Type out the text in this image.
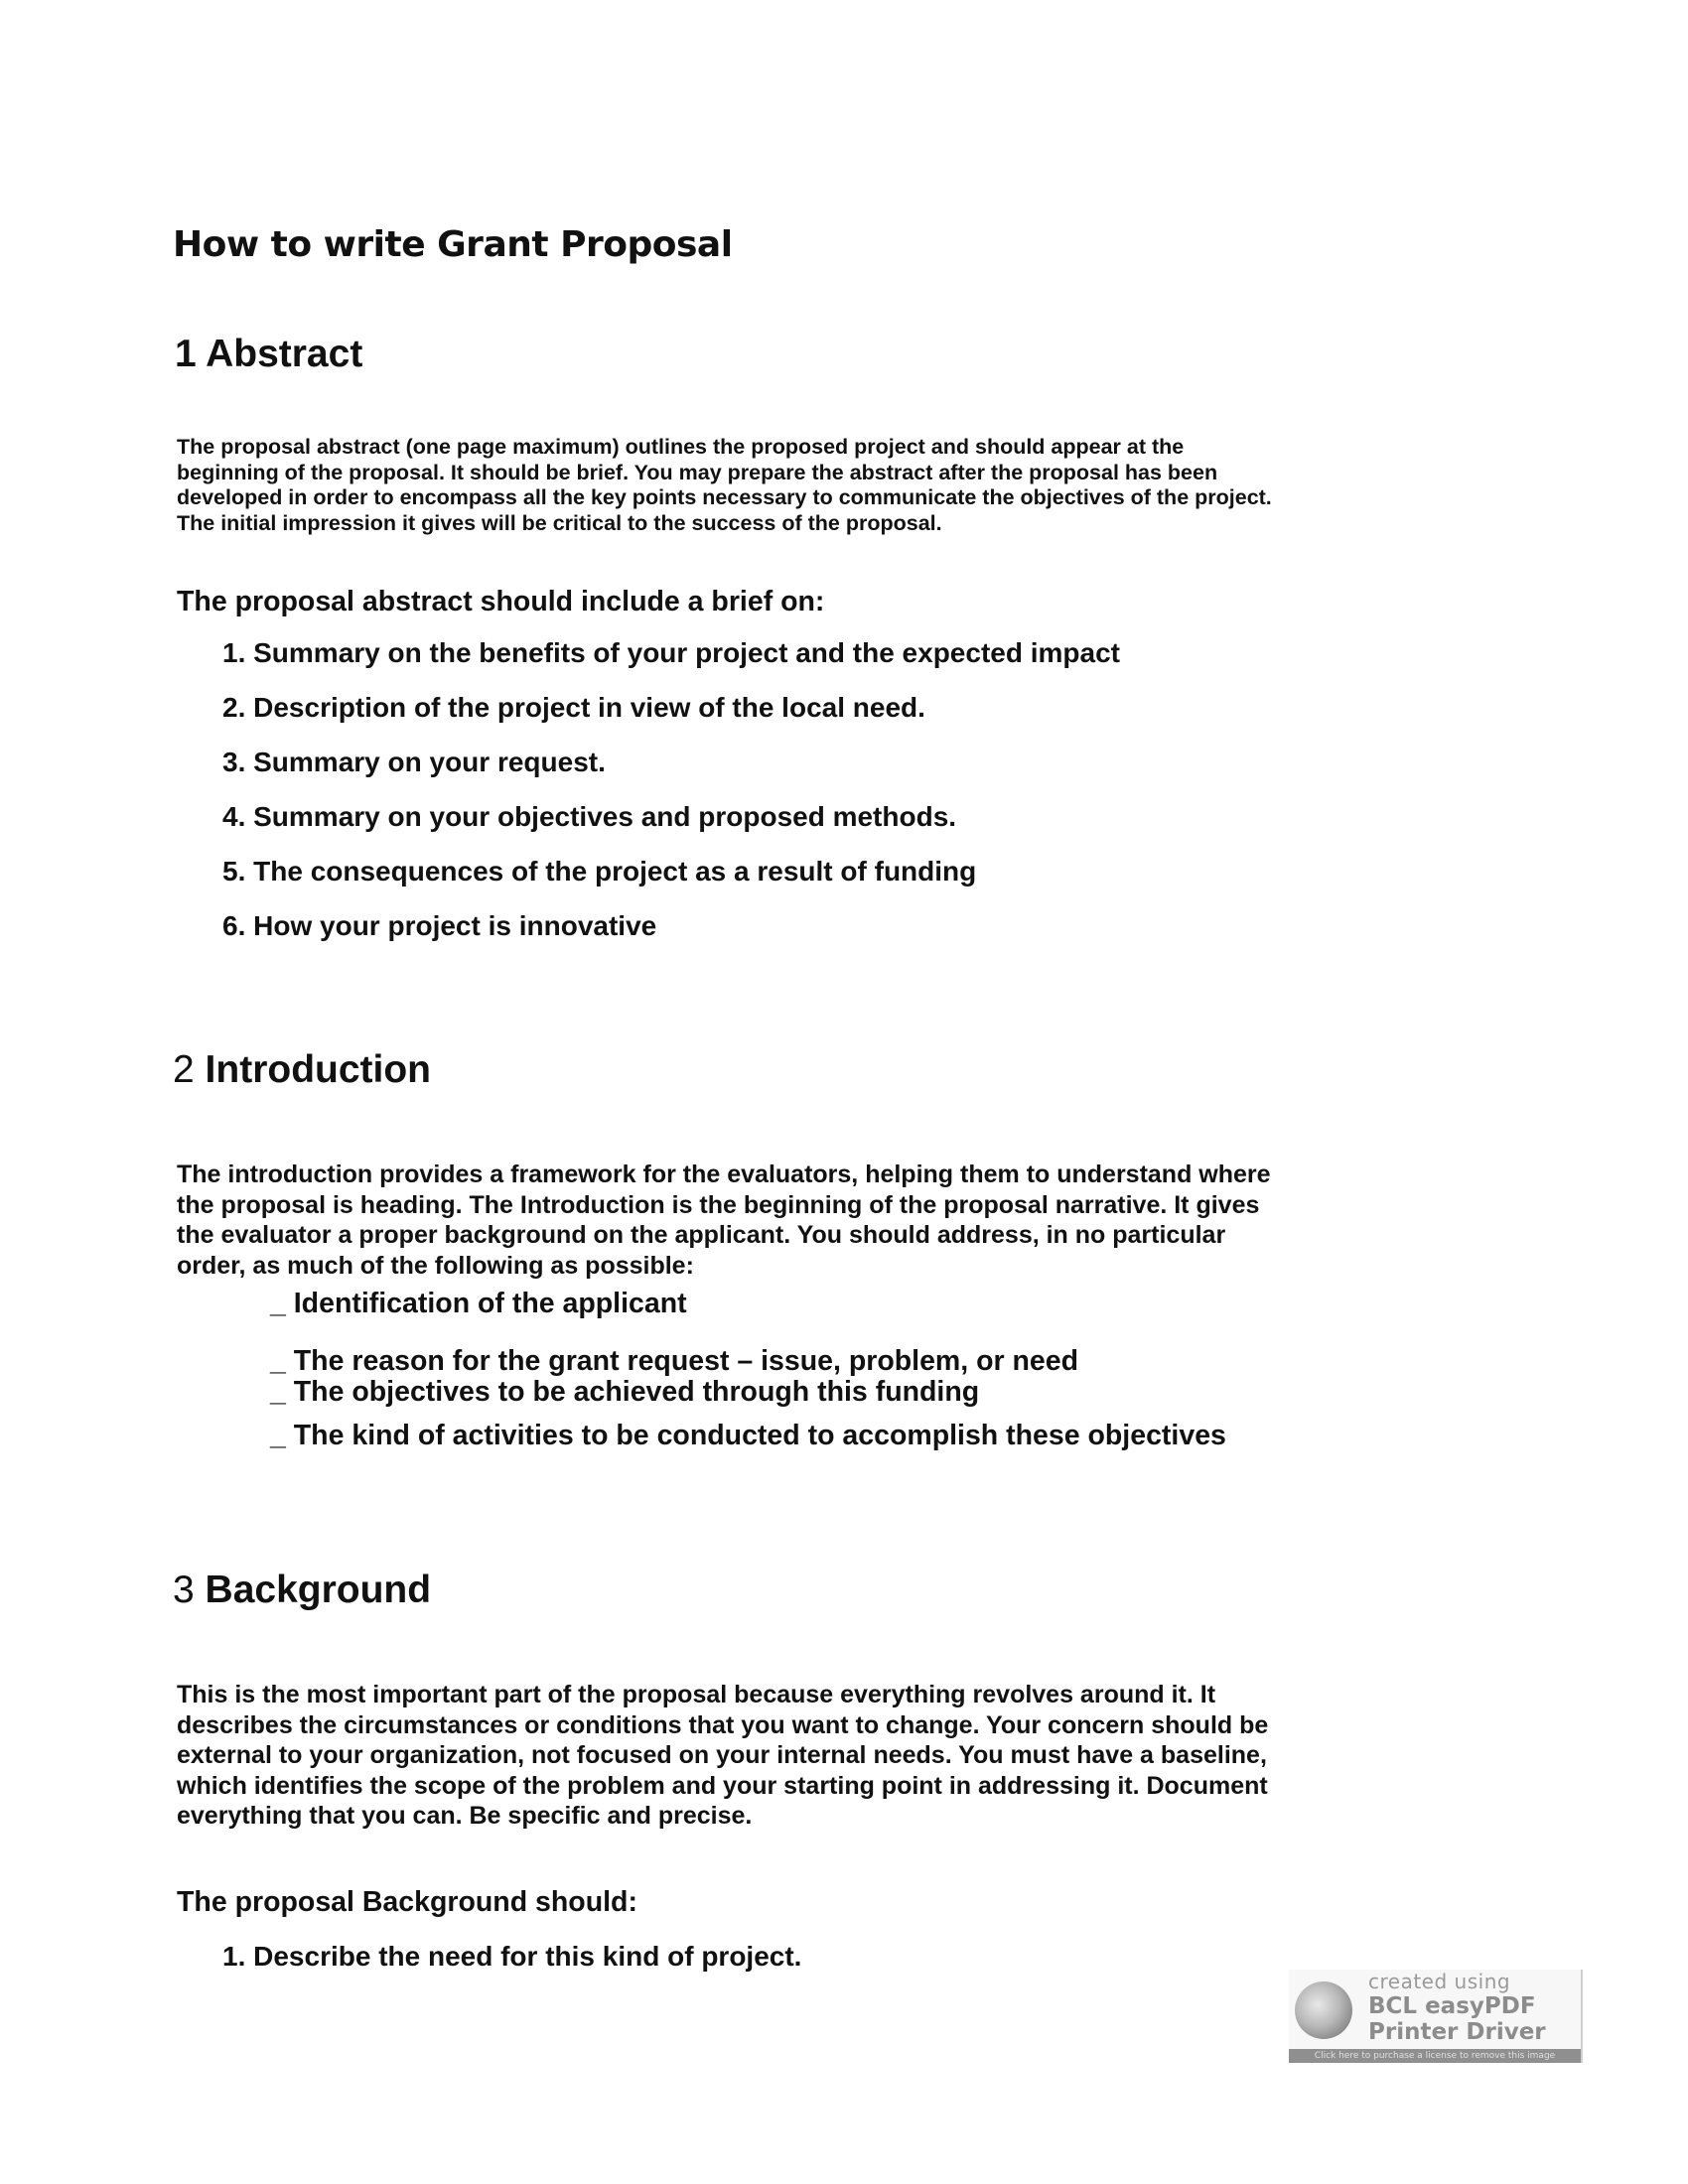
How to write Grant Proposal
1 Abstract

The proposal abstract (one page maximum) outlines the proposed project and should appear at the beginning of the proposal. It should be brief. You may prepare the abstract after the proposal has been developed in order to encompass all the key points necessary to communicate the objectives of the project. The initial impression it gives will be critical to the success of the proposal.

The proposal abstract should include a brief on:

1. Summary on the benefits of your project and the expected impact

2. Description of the project in view of the local need.

3. Summary on your request.

4. Summary on your objectives and proposed methods.

5. The consequences of the project as a result of funding

6. How your project is innovative

2 Introduction

The introduction provides a framework for the evaluators, helping them to understand where the proposal is heading. The Introduction is the beginning of the proposal narrative. It gives the evaluator a proper background on the applicant. You should address, in no particular order, as much of the following as possible:

_ Identification of the applicant

_ The reason for the grant request – issue, problem, or need

_ The objectives to be achieved through this funding

_ The kind of activities to be conducted to accomplish these objectives

3 Background

This is the most important part of the proposal because everything revolves around it. It describes the circumstances or conditions that you want to change. Your concern should be external to your organization, not focused on your internal needs. You must have a baseline, which identifies the scope of the problem and your starting point in addressing it. Document everything that you can. Be specific and precise.

The proposal Background should:

1. Describe the need for this kind of project.

created using
BCL easyPDF
Printer Driver
Click here to purchase a license to remove this image
